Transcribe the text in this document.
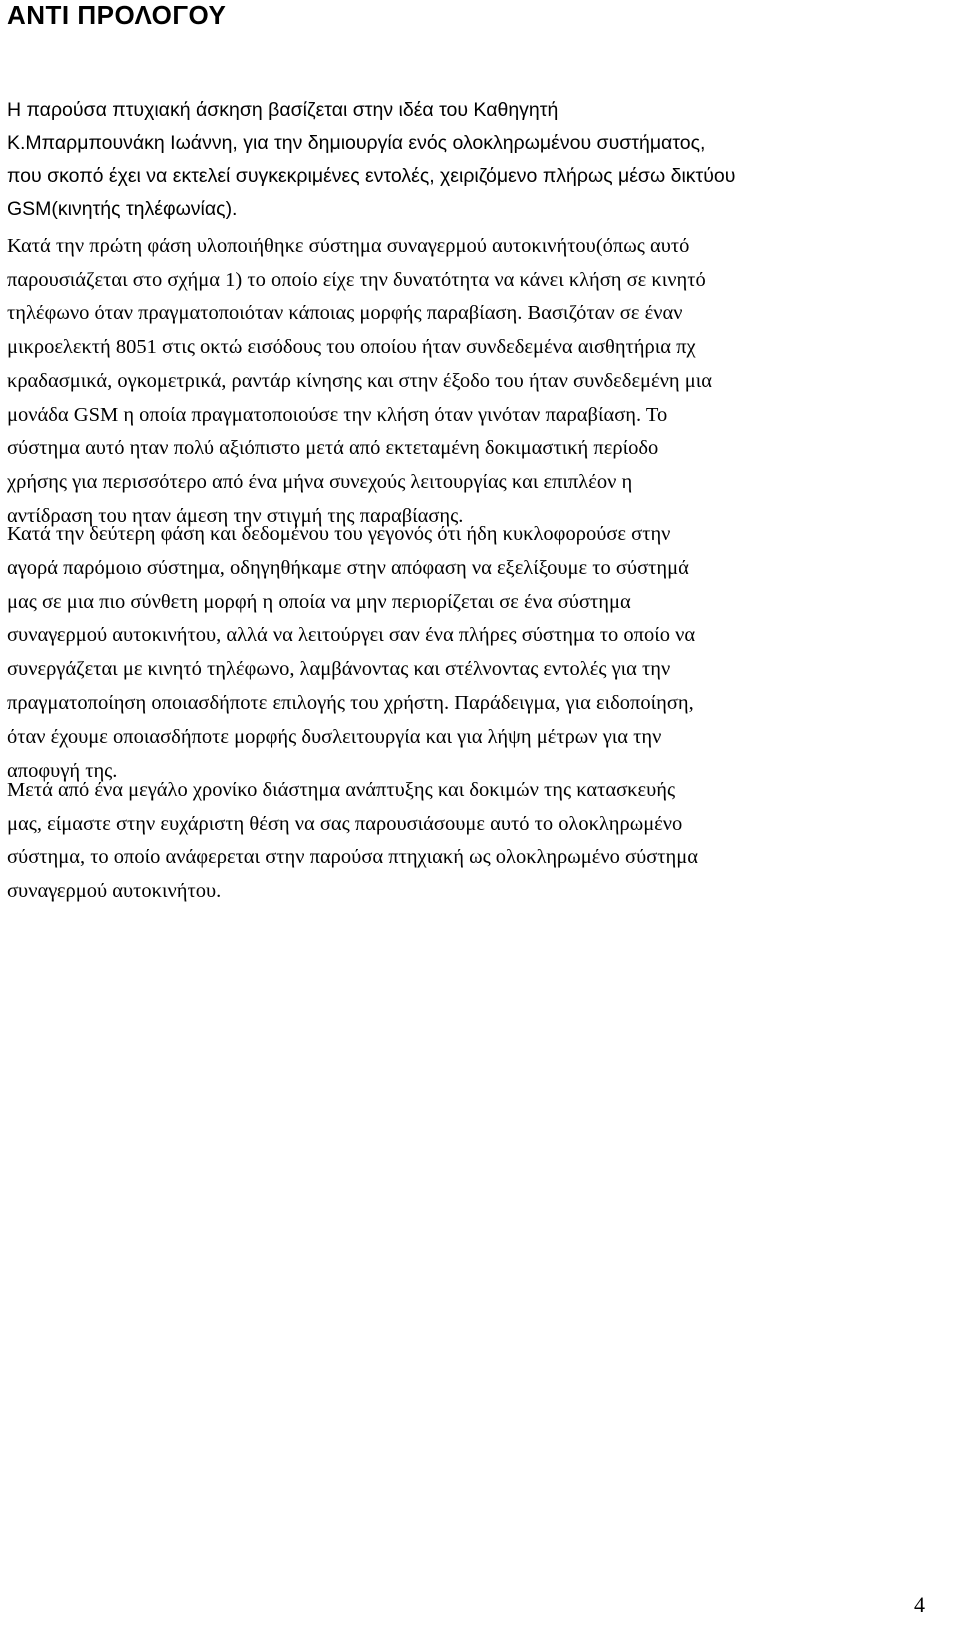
ΑΝΤΙ ΠΡΟΛΟΓΟΥ

Η παρούσα πτυχιακή άσκηση βασίζεται στην ιδέα του Καθηγητή
Κ.Μπαρμπουνάκη Ιωάννη, για την δημιουργία ενός ολοκληρωμένου συστήματος,
που σκοπό έχει να εκτελεί συγκεκριμένες εντολές, χειριζόμενο πλήρως μέσω δικτύου
GSM(κινητής τηλέφωνίας).

Κατά την πρώτη φάση υλοποιήθηκε σύστημα συναγερμού αυτοκινήτου(όπως αυτό
παρουσιάζεται στο σχήμα 1) το οποίο είχε την δυνατότητα να κάνει κλήση σε κινητό
τηλέφωνο όταν πραγματοποιόταν κάποιας μορφής παραβίαση. Βασιζόταν σε έναν
μικροελεκτή 8051 στις οκτώ εισόδους του οποίου ήταν συνδεδεμένα αισθητήρια πχ
κραδασμικά, ογκομετρικά, ραντάρ κίνησης και στην έξοδο του ήταν συνδεδεμένη μια
μονάδα GSM η οποία πραγματοποιούσε την κλήση όταν γινόταν παραβίαση. Το
σύστημα αυτό ηταν πολύ αξιόπιστο μετά από εκτεταμένη δοκιμαστική περίοδο
χρήσης για περισσότερο από ένα μήνα συνεχούς λειτουργίας και επιπλέον η
αντίδραση του ηταν άμεση την στιγμή της παραβίασης.

Κατά την δεύτερη φάση και δεδομένου του γεγονός ότι ήδη κυκλοφορούσε στην
αγορά παρόμοιο σύστημα, οδηγηθήκαμε στην απόφαση να εξελίξουμε το σύστημά
μας σε μια πιο σύνθετη μορφή η οποία να μην περιορίζεται σε ένα σύστημα
συναγερμού αυτοκινήτου, αλλά να λειτούργει σαν ένα πλήρες σύστημα το οποίο να
συνεργάζεται με κινητό τηλέφωνο, λαμβάνοντας και στέλνοντας εντολές για την
πραγματοποίηση οποιασδήποτε επιλογής του χρήστη. Παράδειγμα, για ειδοποίηση,
όταν έχουμε οποιασδήποτε μορφής δυσλειτουργία και για λήψη μέτρων για την
αποφυγή της.

Μετά από ένα μεγάλο χρονίκο διάστημα ανάπτυξης και δοκιμών της κατασκευής
μας, είμαστε στην ευχάριστη θέση να σας παρουσιάσουμε αυτό το ολοκληρωμένο
σύστημα, το οποίο ανάφερεται στην παρούσα πτηχιακή ως ολοκληρωμένο σύστημα
συναγερμού αυτοκινήτου.

4
